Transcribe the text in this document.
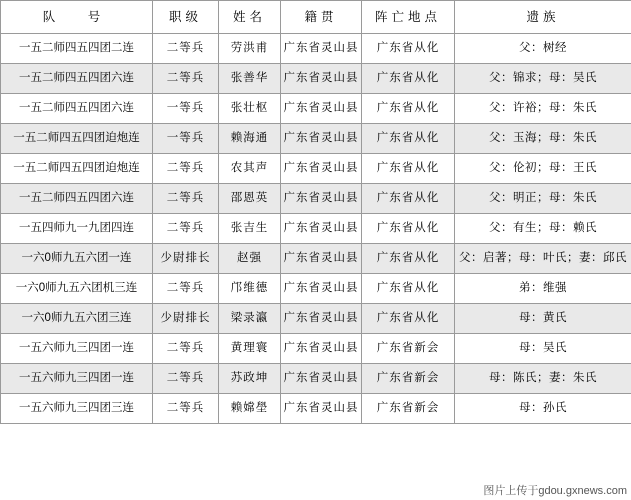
队　号	职级	姓名	籍贯	阵亡地点	遗族
一五二师四五四团二连	二等兵	劳洪甫	广东省灵山县	广东省从化	父：树经
一五二师四五四团六连	二等兵	张善华	广东省灵山县	广东省从化	父：锦求；母：吴氏
一五二师四五四团六连	一等兵	张壮枢	广东省灵山县	广东省从化	父：许裕；母：朱氏
一五二师四五四团迫炮连	一等兵	赖海通	广东省灵山县	广东省从化	父：玉海；母：朱氏
一五二师四五四团迫炮连	二等兵	农其声	广东省灵山县	广东省从化	父：伦初；母：王氏
一五二师四五四团六连	二等兵	邵恩英	广东省灵山县	广东省从化	父：明正；母：朱氏
一五四师九一九团四连	二等兵	张吉生	广东省灵山县	广东省从化	父：有生；母：赖氏
一六0师九五六团一连	少尉排长	赵强	广东省灵山县	广东省从化	父：启著；母：叶氏；妻：邱氏
一六0师九五六团机三连	二等兵	邝维德	广东省灵山县	广东省从化	弟：维强
一六0师九五六团三连	少尉排长	梁录瀛	广东省灵山县	广东省从化	母：黄氏
一五六师九三四团一连	二等兵	黄理寰	广东省灵山县	广东省新会	母：吴氏
一五六师九三四团一连	二等兵	苏政坤	广东省灵山县	广东省新会	母：陈氏；妻：朱氏
一五六师九三四团三连	二等兵	赖嫦壆	广东省灵山县	广东省新会	母：孙氏
图片上传于gdou.gxnews.com
